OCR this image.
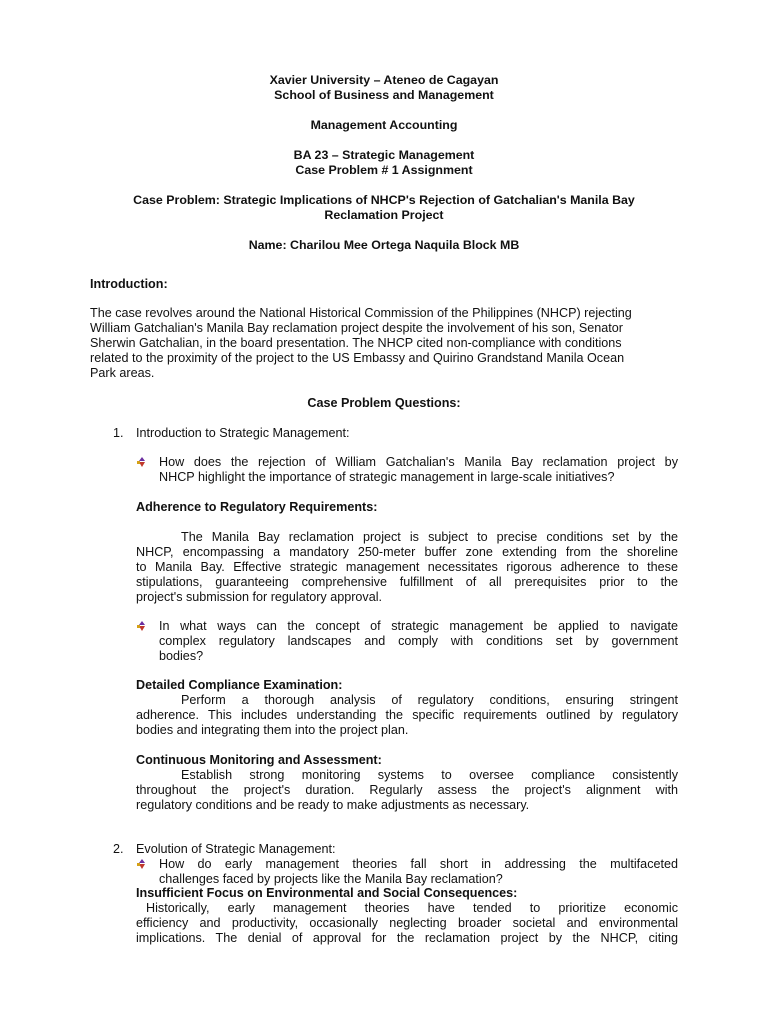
Xavier University – Ateneo de Cagayan
School of Business and Management
Management Accounting
BA 23 – Strategic Management
Case Problem # 1 Assignment
Case Problem: Strategic Implications of NHCP's Rejection of Gatchalian's Manila Bay
Reclamation Project
Name: Charilou Mee Ortega Naquila Block MB
Introduction:
The case revolves around the National Historical Commission of the Philippines (NHCP) rejecting
William Gatchalian's Manila Bay reclamation project despite the involvement of his son, Senator
Sherwin Gatchalian, in the board presentation. The NHCP cited non-compliance with conditions
related to the proximity of the project to the US Embassy and Quirino Grandstand Manila Ocean
Park areas.
Case Problem Questions:
1. Introduction to Strategic Management:
How does the rejection of William Gatchalian's Manila Bay reclamation project by
NHCP highlight the importance of strategic management in large-scale initiatives?
Adherence to Regulatory Requirements:
The Manila Bay reclamation project is subject to precise conditions set by the
NHCP, encompassing a mandatory 250-meter buffer zone extending from the shoreline
to Manila Bay. Effective strategic management necessitates rigorous adherence to these
stipulations, guaranteeing comprehensive fulfillment of all prerequisites prior to the
project's submission for regulatory approval.
In what ways can the concept of strategic management be applied to navigate
complex regulatory landscapes and comply with conditions set by government
bodies?
Detailed Compliance Examination:
Perform a thorough analysis of regulatory conditions, ensuring stringent
adherence. This includes understanding the specific requirements outlined by regulatory
bodies and integrating them into the project plan.
Continuous Monitoring and Assessment:
Establish strong monitoring systems to oversee compliance consistently
throughout the project's duration. Regularly assess the project's alignment with
regulatory conditions and be ready to make adjustments as necessary.
2. Evolution of Strategic Management:
How do early management theories fall short in addressing the multifaceted
challenges faced by projects like the Manila Bay reclamation?
Insufficient Focus on Environmental and Social Consequences:
Historically, early management theories have tended to prioritize economic
efficiency and productivity, occasionally neglecting broader societal and environmental
implications. The denial of approval for the reclamation project by the NHCP, citing
